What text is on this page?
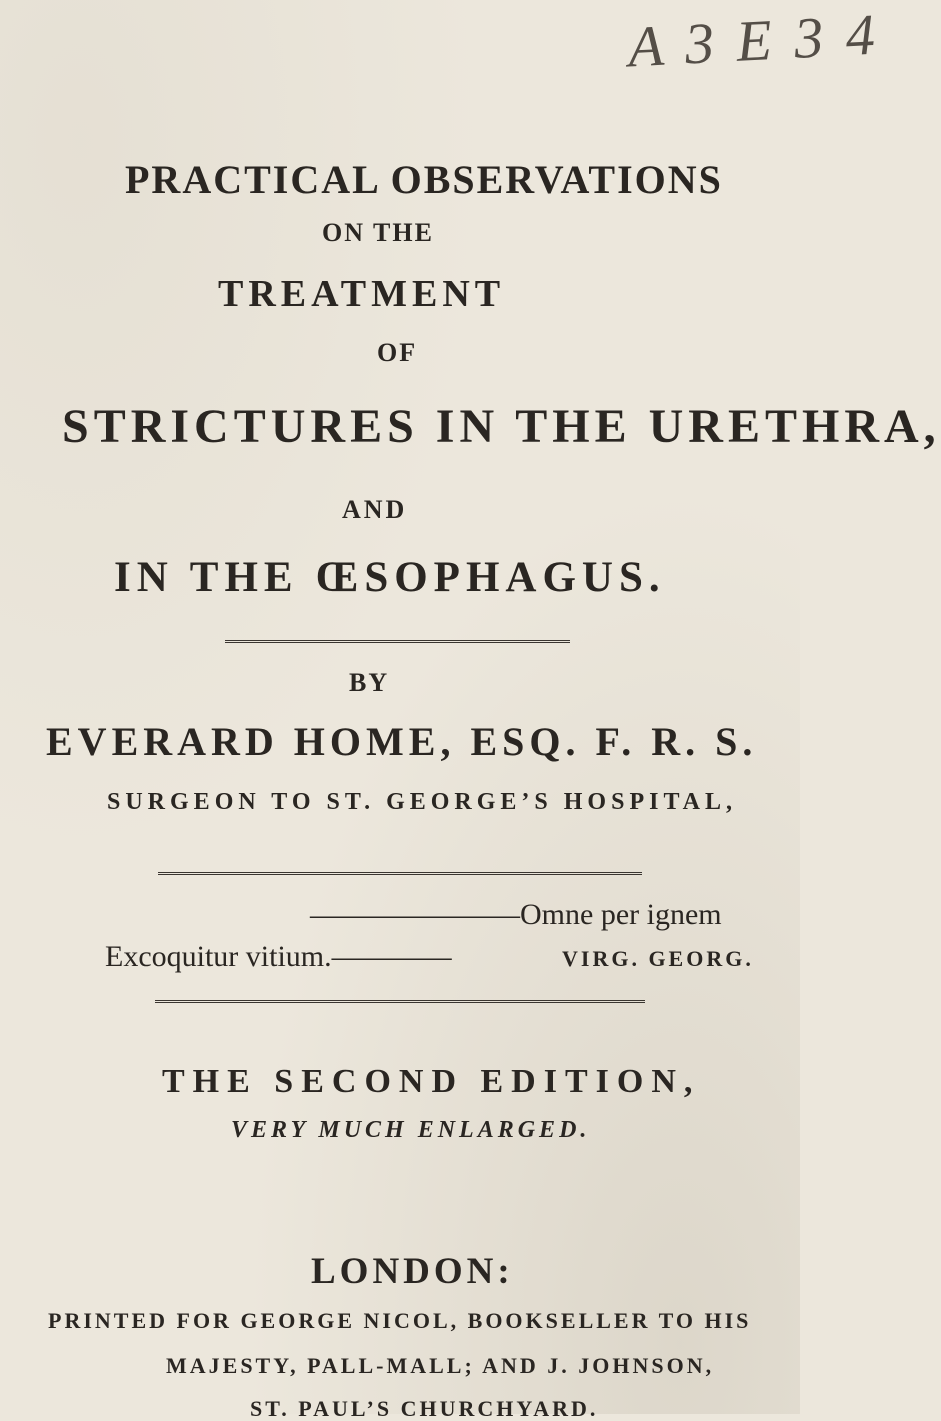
A 3 E 3 4
PRACTICAL OBSERVATIONS
ON THE
TREATMENT
OF
STRICTURES IN THE URETHRA,
AND
IN THE ŒSOPHAGUS.
BY
EVERARD HOME, ESQ. F. R. S.
SURGEON TO ST. GEORGE’S HOSPITAL,
———————Omne per ignem
Excoquitur vitium.————	VIRG. GEORG.
THE SECOND EDITION,
VERY MUCH ENLARGED.
LONDON:
PRINTED FOR GEORGE NICOL, BOOKSELLER TO HIS
MAJESTY, PALL-MALL; AND J. JOHNSON,
ST. PAUL’S CHURCHYARD.
